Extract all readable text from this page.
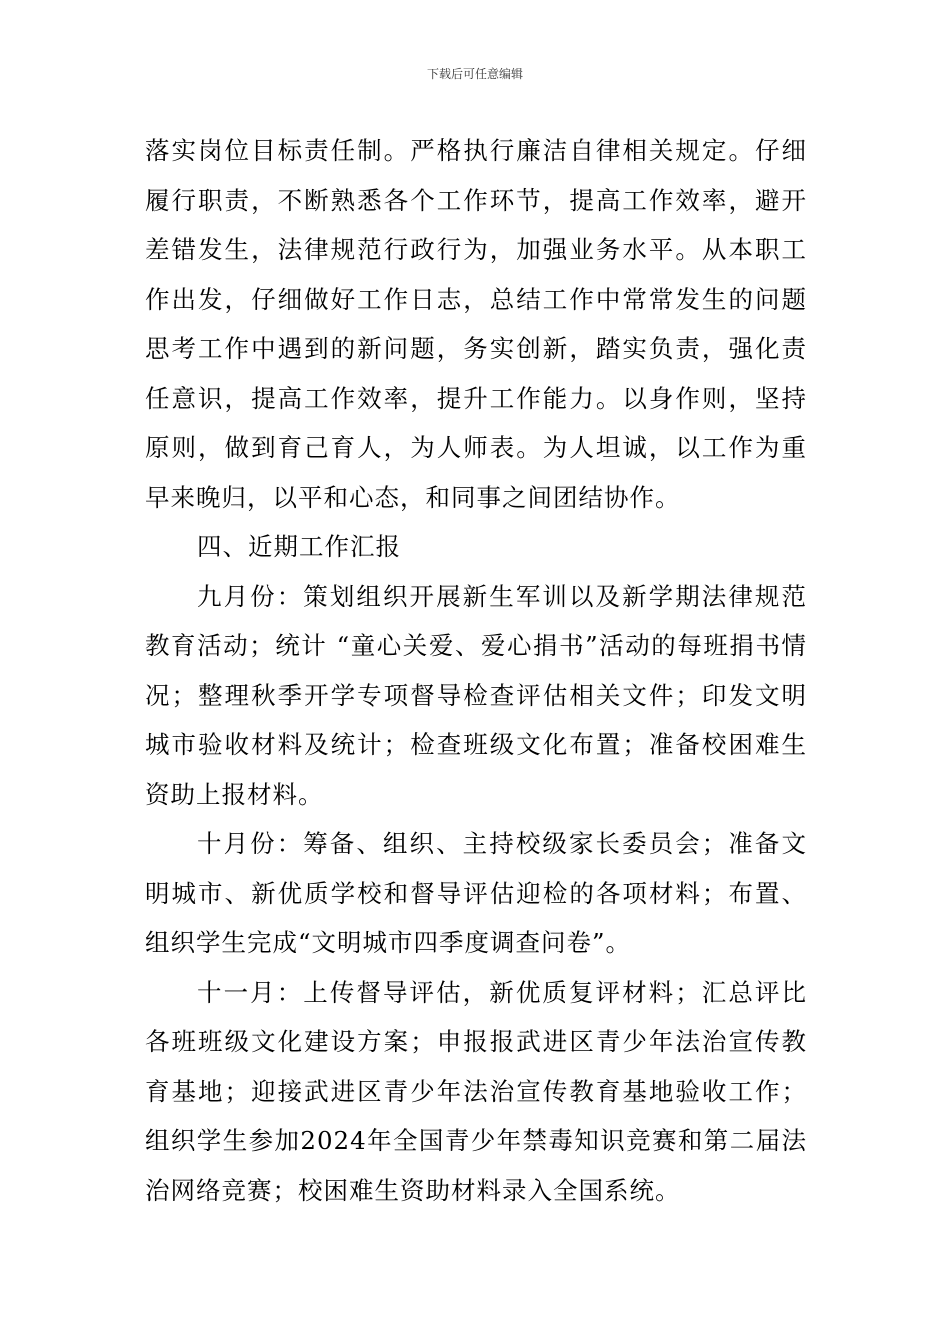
下载后可任意编辑

落实岗位目标责任制。严格执行廉洁自律相关规定。仔细履行职责，不断熟悉各个工作环节，提高工作效率，避开差错发生，法律规范行政行为，加强业务水平。从本职工作出发，仔细做好工作日志，总结工作中常常发生的问题思考工作中遇到的新问题，务实创新，踏实负责，强化责任意识，提高工作效率，提升工作能力。以身作则，坚持原则，做到育己育人，为人师表。为人坦诚，以工作为重早来晚归，以平和心态，和同事之间团结协作。

四、近期工作汇报

九月份：策划组织开展新生军训以及新学期法律规范教育活动；统计 “童心关爱、爱心捐书”活动的每班捐书情况；整理秋季开学专项督导检查评估相关文件；印发文明城市验收材料及统计；检查班级文化布置；准备校困难生资助上报材料。

十月份：筹备、组织、主持校级家长委员会；准备文明城市、新优质学校和督导评估迎检的各项材料；布置、组织学生完成“文明城市四季度调查问卷”。

十一月：上传督导评估，新优质复评材料；汇总评比各班班级文化建设方案；申报报武进区青少年法治宣传教育基地；迎接武进区青少年法治宣传教育基地验收工作；组织学生参加2024年全国青少年禁毒知识竞赛和第二届法治网络竞赛；校困难生资助材料录入全国系统。
